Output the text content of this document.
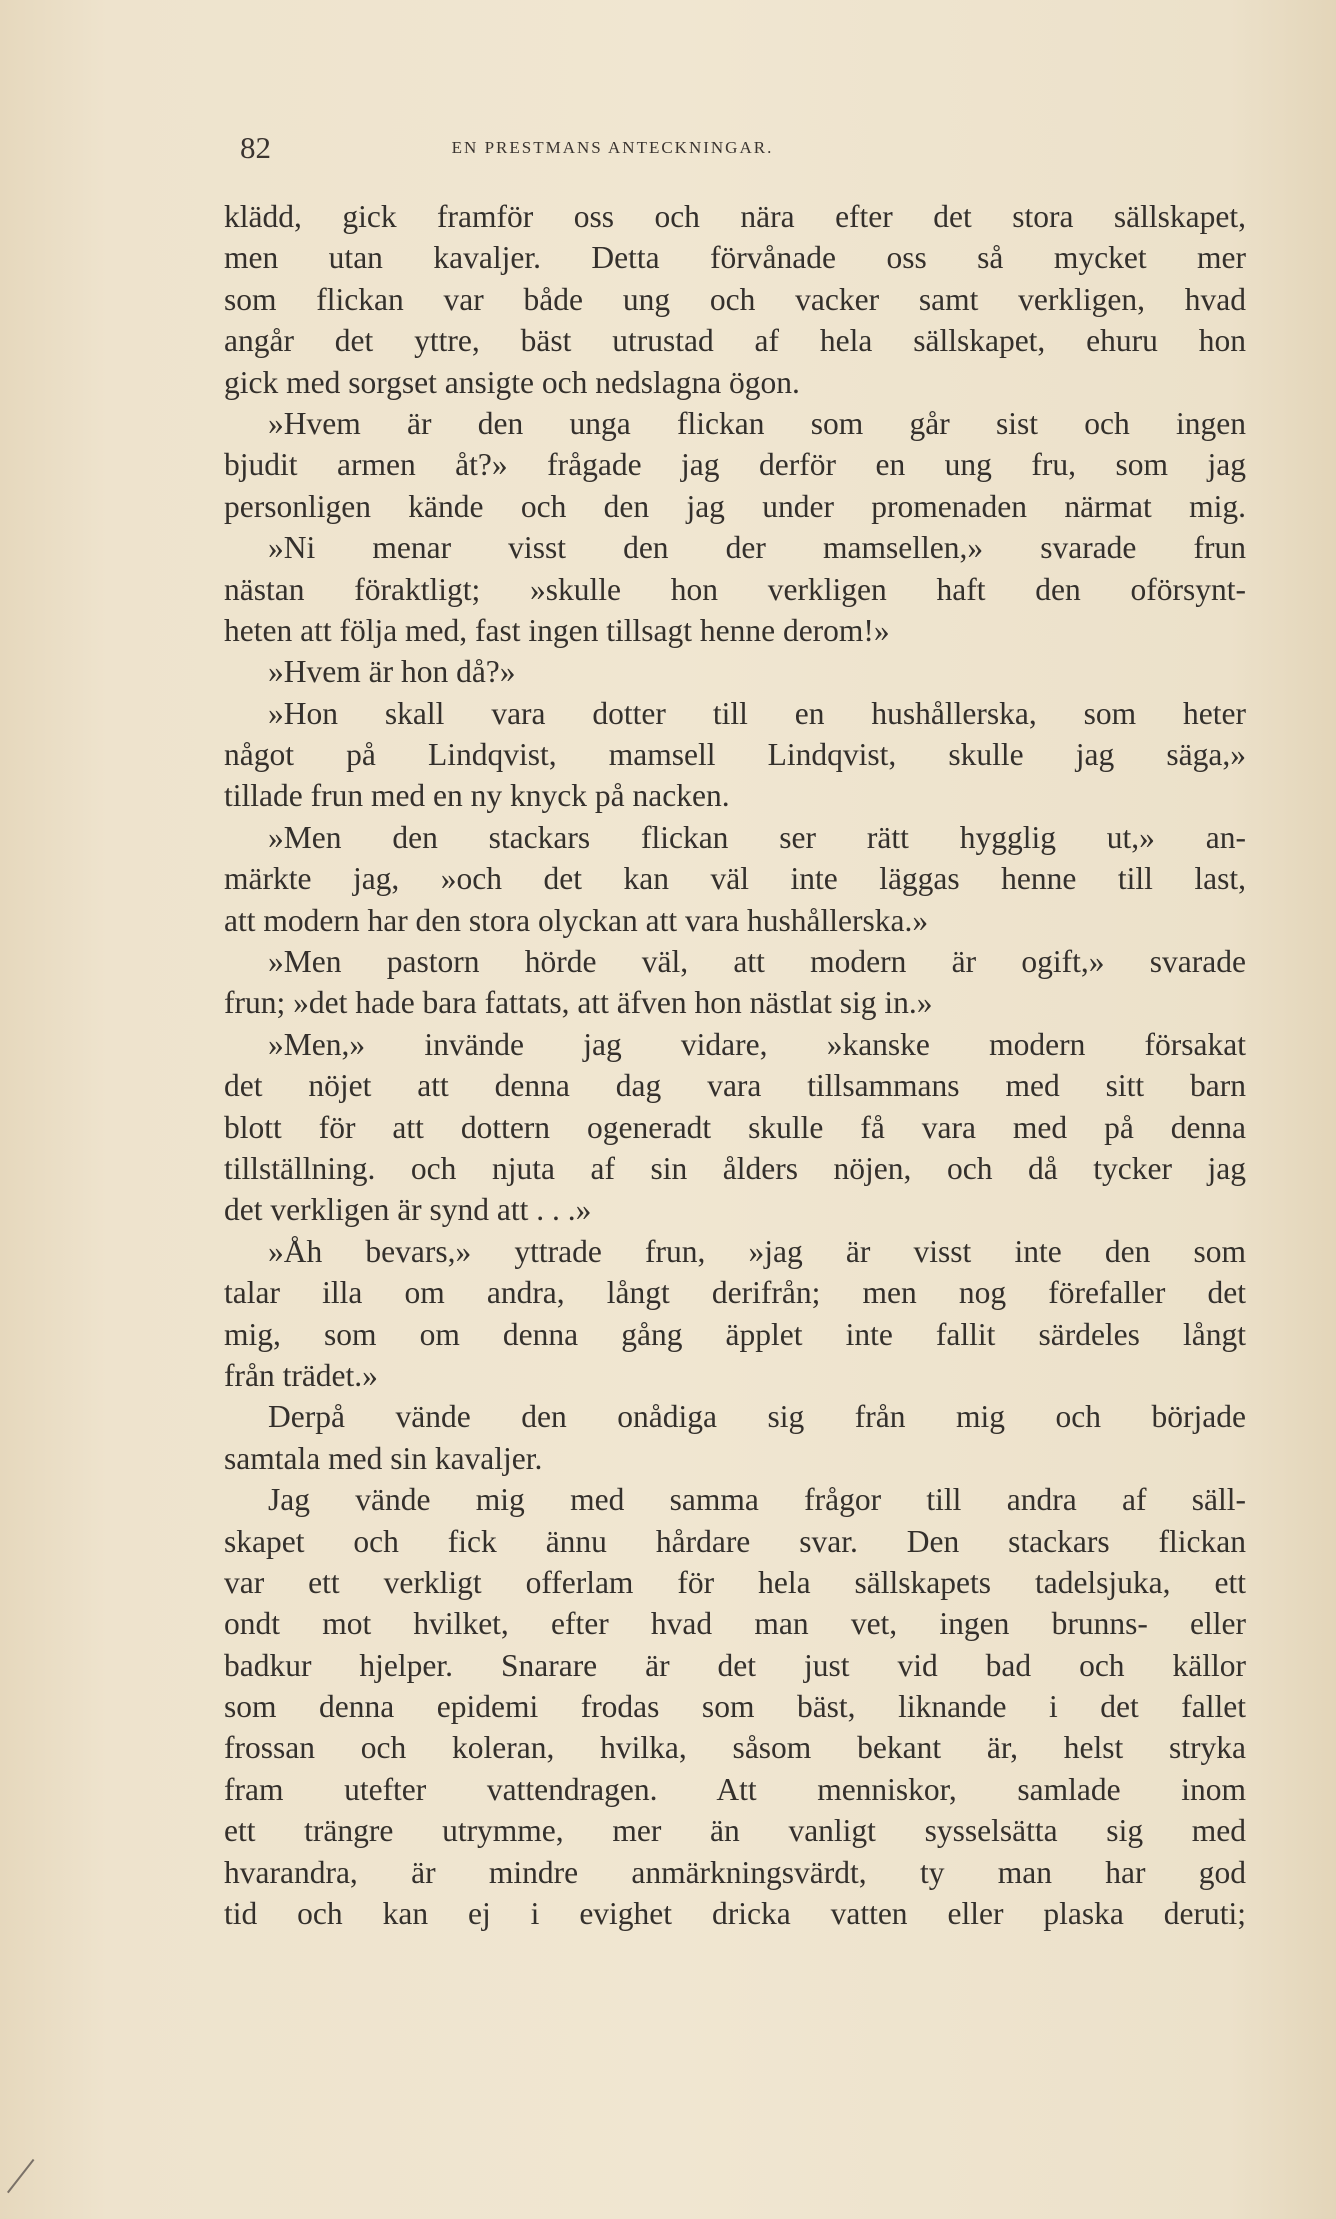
82	EN PRESTMANS ANTECKNINGAR.
klädd, gick framför oss och nära efter det stora sällskapet,
men utan kavaljer. Detta förvånade oss så mycket mer
som flickan var både ung och vacker samt verkligen, hvad
angår det yttre, bäst utrustad af hela sällskapet, ehuru hon
gick med sorgset ansigte och nedslagna ögon.
»Hvem är den unga flickan som går sist och ingen
bjudit armen åt?» frågade jag derför en ung fru, som jag
personligen kände och den jag under promenaden närmat mig.
»Ni menar visst den der mamsellen,» svarade frun
nästan föraktligt; »skulle hon verkligen haft den oförsynt-
heten att följa med, fast ingen tillsagt henne derom!»
»Hvem är hon då?»
»Hon skall vara dotter till en hushållerska, som heter
något på Lindqvist, mamsell Lindqvist, skulle jag säga,»
tillade frun med en ny knyck på nacken.
»Men den stackars flickan ser rätt hygglig ut,» an-
märkte jag, »och det kan väl inte läggas henne till last,
att modern har den stora olyckan att vara hushållerska.»
»Men pastorn hörde väl, att modern är ogift,» svarade
frun; »det hade bara fattats, att äfven hon nästlat sig in.»
»Men,» invände jag vidare, »kanske modern försakat
det nöjet att denna dag vara tillsammans med sitt barn
blott för att dottern ogeneradt skulle få vara med på denna
tillställning. och njuta af sin ålders nöjen, och då tycker jag
det verkligen är synd att . . .»
»Åh bevars,» yttrade frun, »jag är visst inte den som
talar illa om andra, långt derifrån; men nog förefaller det
mig, som om denna gång äpplet inte fallit särdeles långt
från trädet.»
Derpå vände den onådiga sig från mig och började
samtala med sin kavaljer.
Jag vände mig med samma frågor till andra af säll-
skapet och fick ännu hårdare svar. Den stackars flickan
var ett verkligt offerlam för hela sällskapets tadelsjuka, ett
ondt mot hvilket, efter hvad man vet, ingen brunns- eller
badkur hjelper. Snarare är det just vid bad och källor
som denna epidemi frodas som bäst, liknande i det fallet
frossan och koleran, hvilka, såsom bekant är, helst stryka
fram utefter vattendragen. Att menniskor, samlade inom
ett trängre utrymme, mer än vanligt sysselsätta sig med
hvarandra, är mindre anmärkningsvärdt, ty man har god
tid och kan ej i evighet dricka vatten eller plaska deruti;
